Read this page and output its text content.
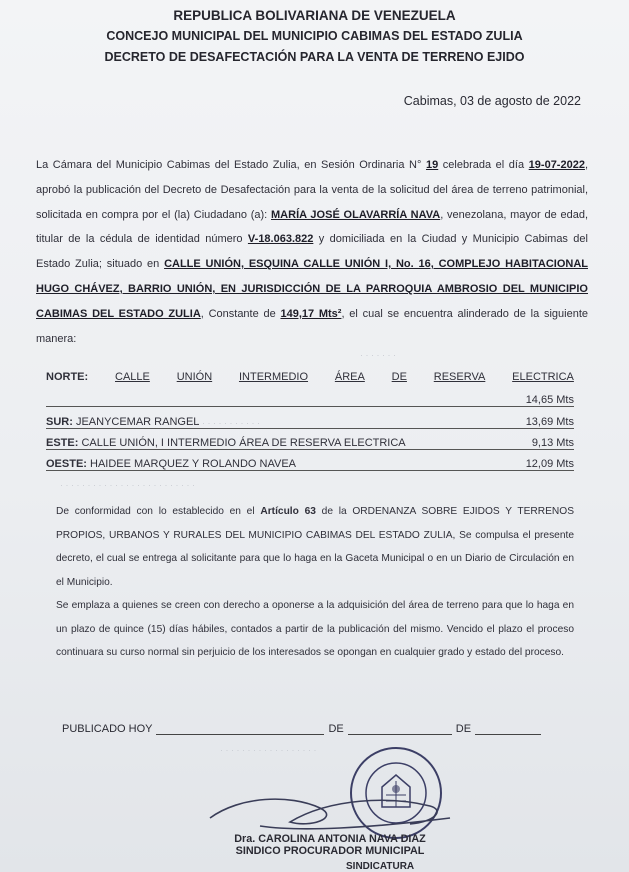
· · · · · · ·
· · · · · · · · · · · · · · ·
· · · · · · · · · · · · · · · · · · · · · · · · ·
· · · · · · · · · · · · · · · · · ·
REPUBLICA BOLIVARIANA DE VENEZUELA
CONCEJO MUNICIPAL DEL MUNICIPIO CABIMAS DEL ESTADO ZULIA
DECRETO DE DESAFECTACIÓN PARA LA VENTA DE TERRENO EJIDO
Cabimas, 03 de agosto de 2022
La Cámara del Municipio Cabimas del Estado Zulia, en Sesión Ordinaria N° 19 celebrada el día 19-07-2022, aprobó la publicación del Decreto de Desafectación para la venta de la solicitud del área de terreno patrimonial, solicitada en compra por el (la) Ciudadano (a): MARÍA JOSÉ OLAVARRÍA NAVA, venezolana, mayor de edad, titular de la cédula de identidad número V-18.063.822 y domiciliada en la Ciudad y Municipio Cabimas del Estado Zulia; situado en CALLE UNIÓN, ESQUINA CALLE UNIÓN I, No. 16, COMPLEJO HABITACIONAL HUGO CHÁVEZ, BARRIO UNIÓN, EN JURISDICCIÓN DE LA PARROQUIA AMBROSIO DEL MUNICIPIO CABIMAS DEL ESTADO ZULIA, Constante de 149,17 Mts², el cual se encuentra alinderado de la siguiente manera:
NORTE: CALLE UNIÓN INTERMEDIO ÁREA DE RESERVA ELECTRICA
14,65 Mts
SUR: JEANYCEMAR RANGEL	13,69 Mts
ESTE: CALLE UNIÓN, I INTERMEDIO ÁREA DE RESERVA ELECTRICA	9,13 Mts
OESTE: HAIDEE MARQUEZ Y ROLANDO NAVEA	12,09 Mts

De conformidad con lo establecido en el Artículo 63 de la ORDENANZA SOBRE EJIDOS Y TERRENOS PROPIOS, URBANOS Y RURALES DEL MUNICIPIO CABIMAS DEL ESTADO ZULIA, Se compulsa el presente decreto, el cual se entrega al solicitante para que lo haga en la Gaceta Municipal o en un Diario de Circulación en el Municipio.

Se emplaza a quienes se creen con derecho a oponerse a la adquisición del área de terreno para que lo haga en un plazo de quince (15) días hábiles, contados a partir de la publicación del mismo. Vencido el plazo el proceso continuara su curso normal sin perjuicio de los interesados se opongan en cualquier grado y estado del proceso.

PUBLICADO HOY	DE	DE
Dra. CAROLINA ANTONIA NAVA DIAZ
SINDICO PROCURADOR MUNICIPAL
SINDICATURA
